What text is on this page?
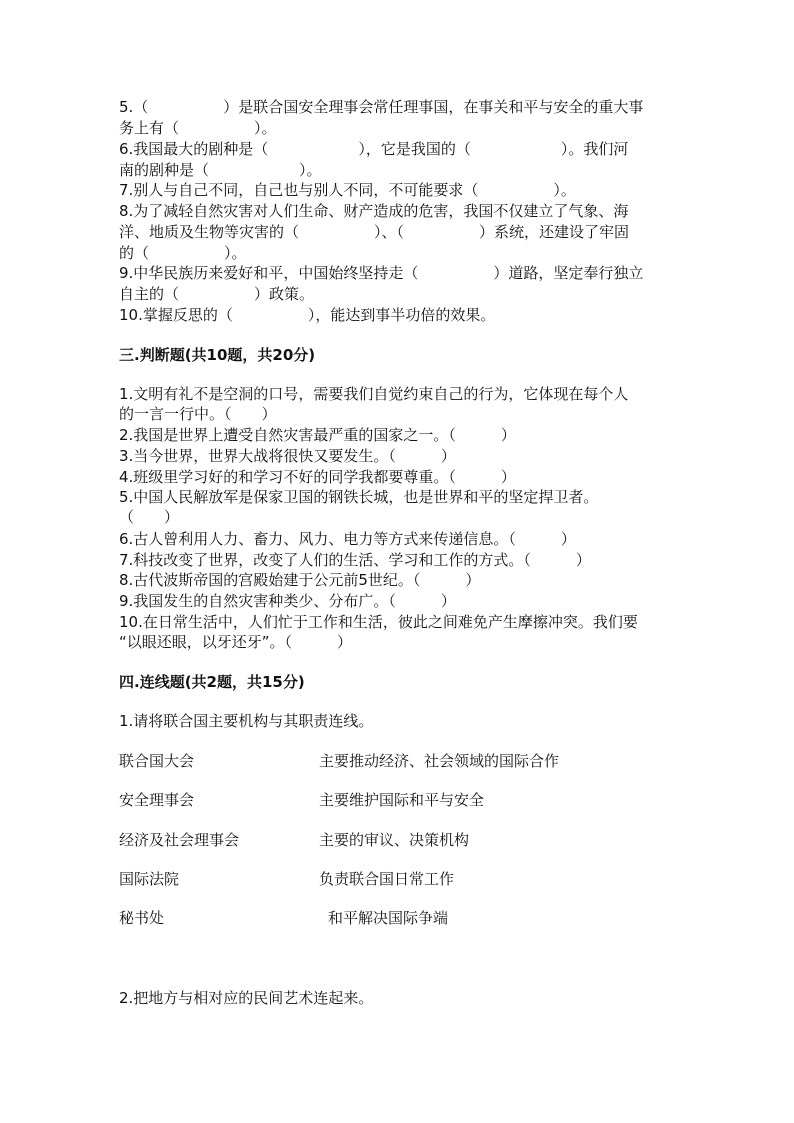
5.（　　　　　）是联合国安全理事会常任理事国，在事关和平与安全的重大事
务上有（　　　　　）。
6.我国最大的剧种是（　　　　　　），它是我国的（　　　　　　）。我们河
南的剧种是（　　　　　　）。
7.别人与自己不同，自己也与别人不同，不可能要求（　　　　　）。
8.为了减轻自然灾害对人们生命、财产造成的危害，我国不仅建立了气象、海
洋、地质及生物等灾害的（　　　　　）、（　　　　　）系统，还建设了牢固
的（　　　　　）。
9.中华民族历来爱好和平，中国始终坚持走（　　　　　）道路，坚定奉行独立
自主的（　　　　　）政策。
10.掌握反思的（　　　　　），能达到事半功倍的效果。
三.判断题(共10题，共20分)
1.文明有礼不是空洞的口号，需要我们自觉约束自己的行为，它体现在每个人
的一言一行中。（　　）
2.我国是世界上遭受自然灾害最严重的国家之一。（　　　）
3.当今世界，世界大战将很快又要发生。（　　　）
4.班级里学习好的和学习不好的同学我都要尊重。（　　　）
5.中国人民解放军是保家卫国的钢铁长城，也是世界和平的坚定捍卫者。
（　　）
6.古人曾利用人力、畜力、风力、电力等方式来传递信息。（　　　）
7.科技改变了世界，改变了人们的生活、学习和工作的方式。（　　　）
8.古代波斯帝国的宫殿始建于公元前5世纪。（　　　）
9.我国发生的自然灾害种类少、分布广。（　　　）
10.在日常生活中，人们忙于工作和生活，彼此之间难免产生摩擦冲突。我们要
“以眼还眼，以牙还牙”。（　　　）
四.连线题(共2题，共15分)
1.请将联合国主要机构与其职责连线。
联合国大会	主要推动经济、社会领域的国际合作
安全理事会	主要维护国际和平与安全
经济及社会理事会	主要的审议、决策机构
国际法院	负责联合国日常工作
秘书处	和平解决国际争端
2.把地方与相对应的民间艺术连起来。
